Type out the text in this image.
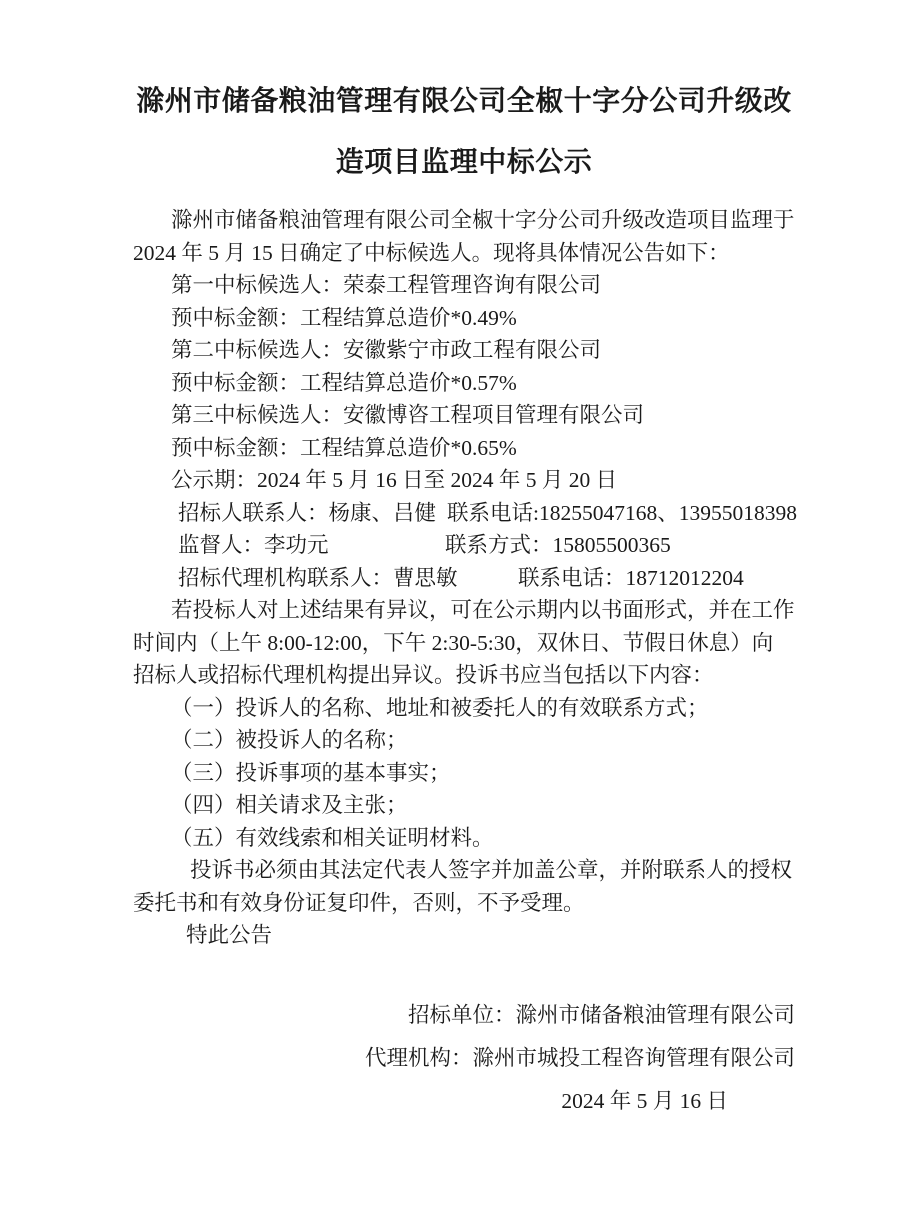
滁州市储备粮油管理有限公司全椒十字分公司升级改
造项目监理中标公示
滁州市储备粮油管理有限公司全椒十字分公司升级改造项目监理于
2024 年 5 月 15 日确定了中标候选人。现将具体情况公告如下：
第一中标候选人：荣泰工程管理咨询有限公司
预中标金额：工程结算总造价*0.49%
第二中标候选人：安徽紫宁市政工程有限公司
预中标金额：工程结算总造价*0.57%
第三中标候选人：安徽博咨工程项目管理有限公司
预中标金额：工程结算总造价*0.65%
公示期：2024 年 5 月 16 日至 2024 年 5 月 20 日
招标人联系人：杨康、吕健 联系电话:18255047168、13955018398
监督人：李功元	联系方式：15805500365
招标代理机构联系人：曹思敏	联系电话：18712012204
若投标人对上述结果有异议，可在公示期内以书面形式，并在工作
时间内（上午 8:00-12:00，下午 2:30-5:30，双休日、节假日休息）向
招标人或招标代理机构提出异议。投诉书应当包括以下内容：
（一）投诉人的名称、地址和被委托人的有效联系方式；
（二）被投诉人的名称；
（三）投诉事项的基本事实；
（四）相关请求及主张；
（五）有效线索和相关证明材料。
投诉书必须由其法定代表人签字并加盖公章，并附联系人的授权
委托书和有效身份证复印件，否则，不予受理。
特此公告
招标单位：滁州市储备粮油管理有限公司
代理机构：滁州市城投工程咨询管理有限公司
2024 年 5 月 16 日
